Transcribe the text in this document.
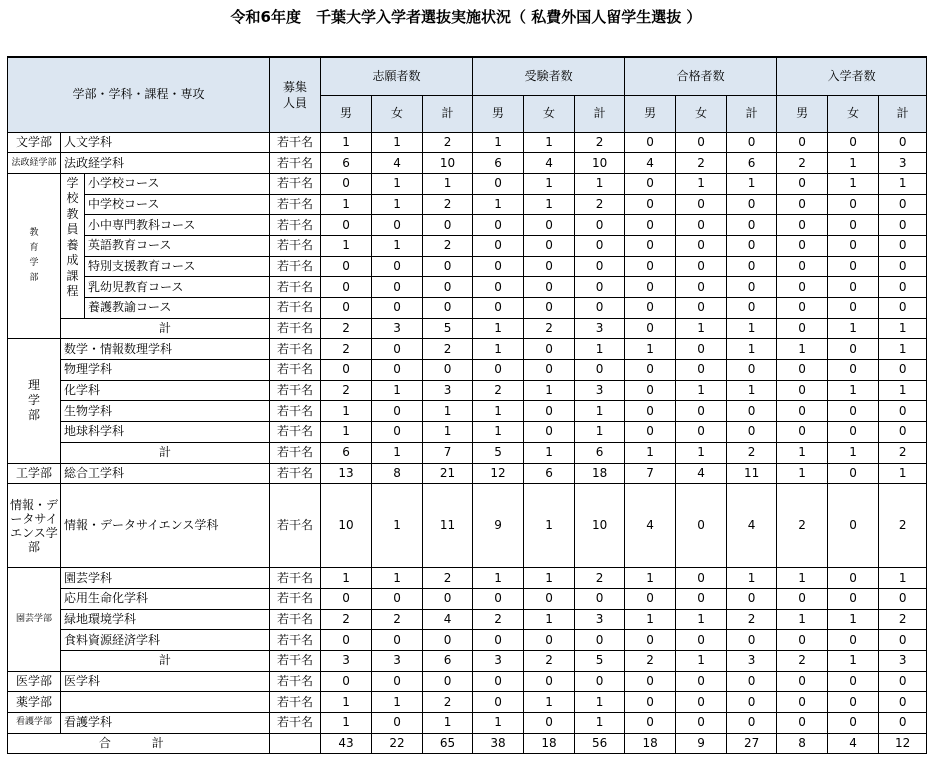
令和6年度　千葉大学入学者選抜実施状況（ 私費外国人留学生選抜 ）
学部・学科・課程・専攻			募集
人員	志願者数			受験者数			合格者数			入学者数		
				男	女	計	男	女	計	男	女	計	男	女	計
文学部	人文学科		若干名	1	1	2	1	1	2	0	0	0	0	0	0
法政経学部	法政経学科		若干名	6	4	10	6	4	10	4	2	6	2	1	3
教育学部	学校教員養成課程	小学校コース	若干名	0	1	1	0	1	1	0	1	1	0	1	1
		中学校コース	若干名	1	1	2	1	1	2	0	0	0	0	0	0
		小中専門教科コース	若干名	0	0	0	0	0	0	0	0	0	0	0	0
		英語教育コース	若干名	1	1	2	0	0	0	0	0	0	0	0	0
		特別支援教育コース	若干名	0	0	0	0	0	0	0	0	0	0	0	0
		乳幼児教育コース	若干名	0	0	0	0	0	0	0	0	0	0	0	0
		養護教諭コース	若干名	0	0	0	0	0	0	0	0	0	0	0	0
	計		若干名	2	3	5	1	2	3	0	1	1	0	1	1
理学部	数学・情報数理学科		若干名	2	0	2	1	0	1	1	0	1	1	0	1
	物理学科		若干名	0	0	0	0	0	0	0	0	0	0	0	0
	化学科		若干名	2	1	3	2	1	3	0	1	1	0	1	1
	生物学科		若干名	1	0	1	1	0	1	0	0	0	0	0	0
	地球科学科		若干名	1	0	1	1	0	1	0	0	0	0	0	0
	計		若干名	6	1	7	5	1	6	1	1	2	1	1	2
工学部	総合工学科		若干名	13	8	21	12	6	18	7	4	11	1	0	1
情報・データサイエンス学部	情報・データサイエンス学科		若干名	10	1	11	9	1	10	4	0	4	2	0	2
園芸学部	園芸学科		若干名	1	1	2	1	1	2	1	0	1	1	0	1
	応用生命化学科		若干名	0	0	0	0	0	0	0	0	0	0	0	0
	緑地環境学科		若干名	2	2	4	2	1	3	1	1	2	1	1	2
	食料資源経済学科		若干名	0	0	0	0	0	0	0	0	0	0	0	0
	計		若干名	3	3	6	3	2	5	2	1	3	2	1	3
医学部	医学科		若干名	0	0	0	0	0	0	0	0	0	0	0	0
薬学部			若干名	1	1	2	0	1	1	0	0	0	0	0	0
看護学部	看護学科		若干名	1	0	1	1	0	1	0	0	0	0	0	0
合　計				43	22	65	38	18	56	18	9	27	8	4	12
